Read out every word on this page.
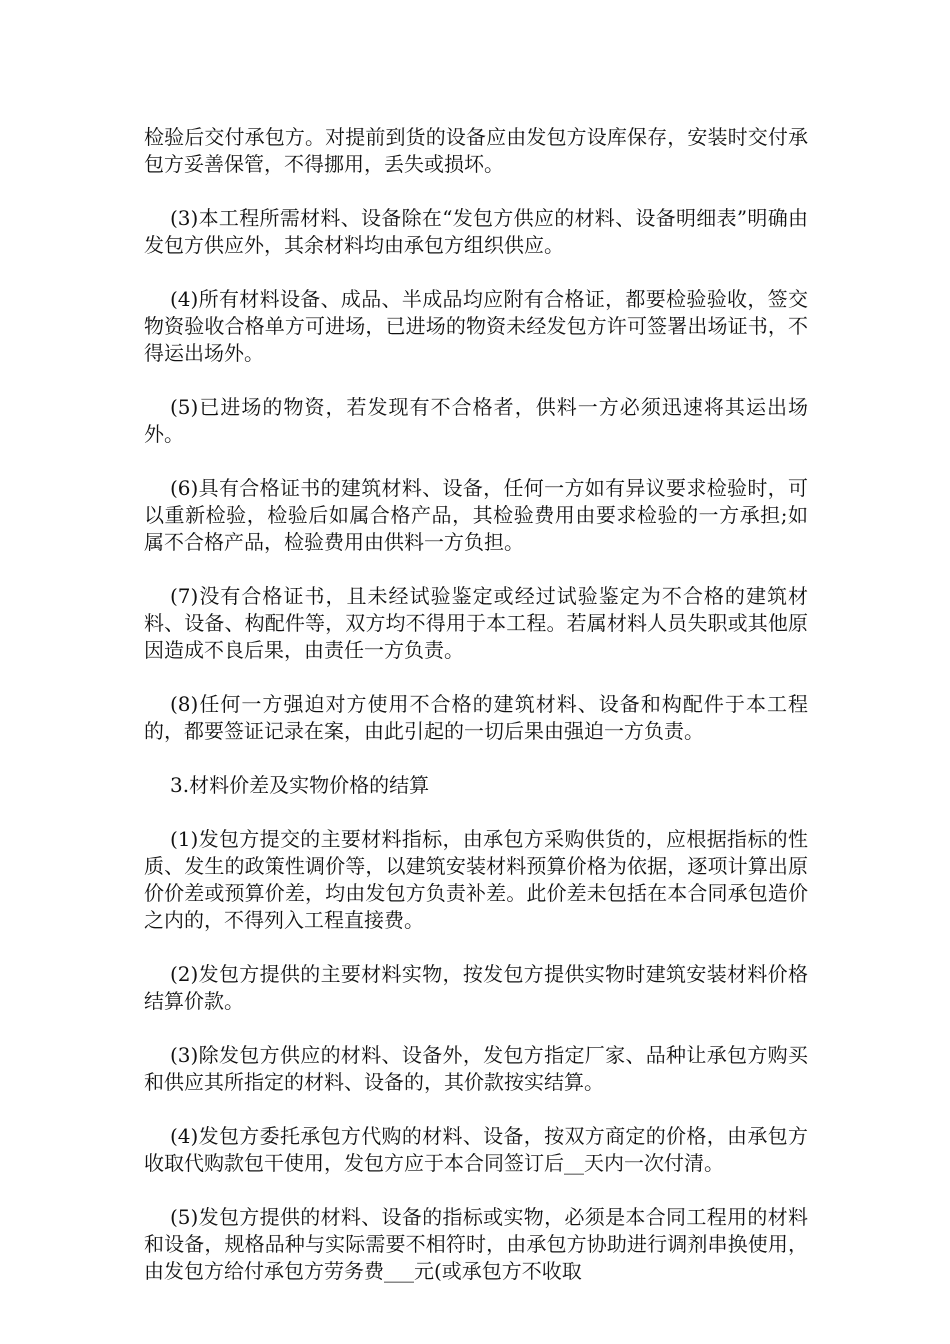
检验后交付承包方。对提前到货的设备应由发包方设库保存，安装时交付承包方妥善保管，不得挪用，丢失或损坏。

(3)本工程所需材料、设备除在“发包方供应的材料、设备明细表”明确由发包方供应外，其余材料均由承包方组织供应。

(4)所有材料设备、成品、半成品均应附有合格证，都要检验验收，签交物资验收合格单方可进场，已进场的物资未经发包方许可签署出场证书，不得运出场外。

(5)已进场的物资，若发现有不合格者，供料一方必须迅速将其运出场外。

(6)具有合格证书的建筑材料、设备，任何一方如有异议要求检验时，可以重新检验，检验后如属合格产品，其检验费用由要求检验的一方承担;如属不合格产品，检验费用由供料一方负担。

(7)没有合格证书，且未经试验鉴定或经过试验鉴定为不合格的建筑材料、设备、构配件等，双方均不得用于本工程。若属材料人员失职或其他原因造成不良后果，由责任一方负责。

(8)任何一方强迫对方使用不合格的建筑材料、设备和构配件于本工程的，都要签证记录在案，由此引起的一切后果由强迫一方负责。

3.材料价差及实物价格的结算

(1)发包方提交的主要材料指标，由承包方采购供货的，应根据指标的性质、发生的政策性调价等，以建筑安装材料预算价格为依据，逐项计算出原价价差或预算价差，均由发包方负责补差。此价差未包括在本合同承包造价之内的，不得列入工程直接费。

(2)发包方提供的主要材料实物，按发包方提供实物时建筑安装材料价格结算价款。

(3)除发包方供应的材料、设备外，发包方指定厂家、品种让承包方购买和供应其所指定的材料、设备的，其价款按实结算。

(4)发包方委托承包方代购的材料、设备，按双方商定的价格，由承包方收取代购款包干使用，发包方应于本合同签订后__天内一次付清。

(5)发包方提供的材料、设备的指标或实物，必须是本合同工程用的材料和设备，规格品种与实际需要不相符时，由承包方协助进行调剂串换使用，由发包方给付承包方劳务费___元(或承包方不收取
